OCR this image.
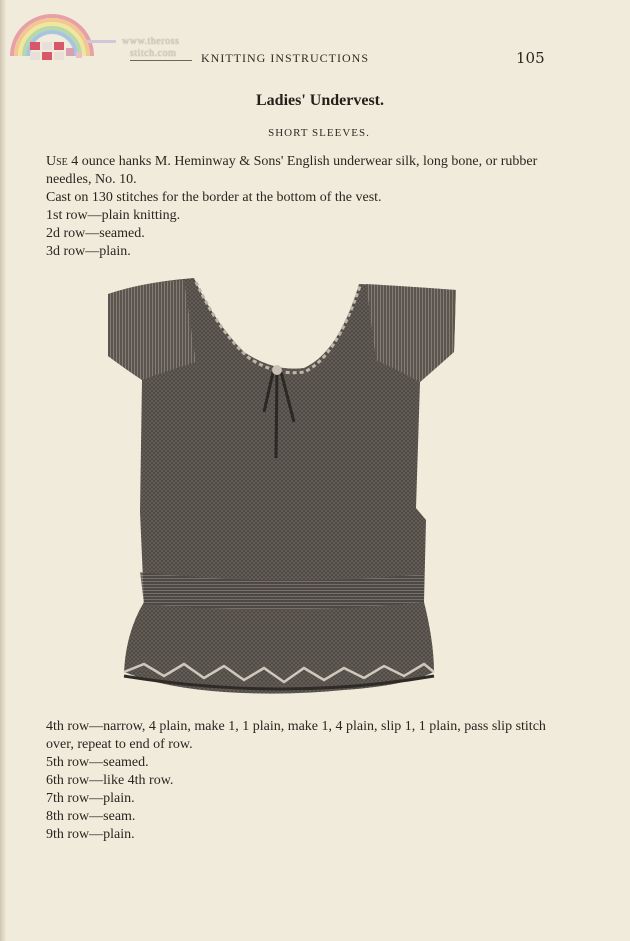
www.theross
stitch.com KNITTING INSTRUCTIONS	105
Ladies' Undervest.
SHORT SLEEVES.

Use 4 ounce hanks M. Heminway & Sons' English underwear silk, long bone, or rubber needles, No. 10.

Cast on 130 stitches for the border at the bottom of the vest.

1st row—plain knitting.

2d row—seamed.

3d row—plain.

4th row—narrow, 4 plain, make 1, 1 plain, make 1, 4 plain, slip 1, 1 plain, pass slip stitch over, repeat to end of row.

5th row—seamed.

6th row—like 4th row.

7th row—plain.

8th row—seam.

9th row—plain.
